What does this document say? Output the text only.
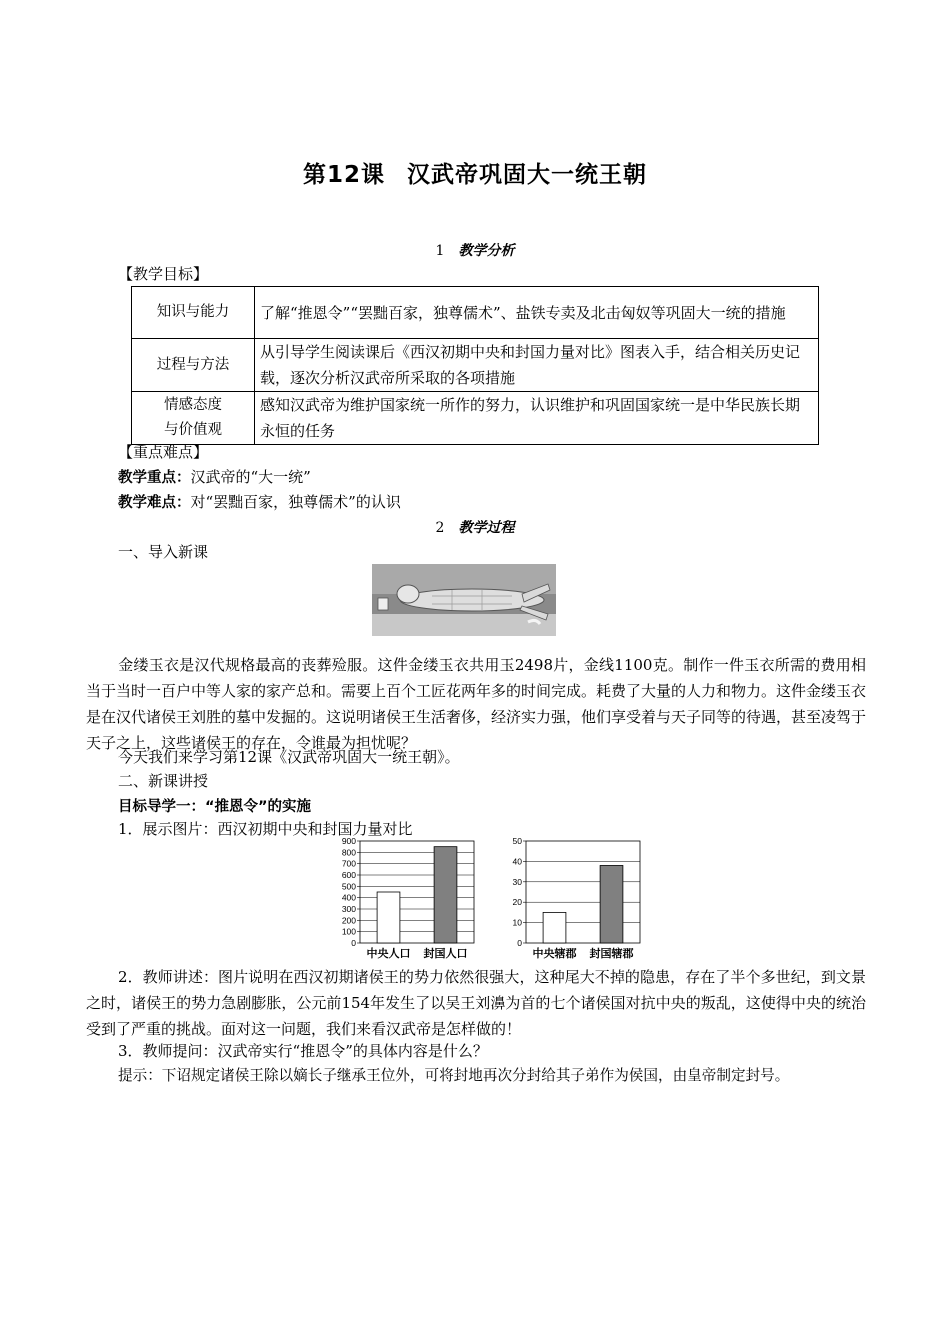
第12课 汉武帝巩固大一统王朝
1 教学分析
【教学目标】
知识与能力	了解“推恩令”“罢黜百家，独尊儒术”、盐铁专卖及北击匈奴等巩固大一统的措施
过程与方法	从引导学生阅读课后《西汉初期中央和封国力量对比》图表入手，结合相关历史记载，逐次分析汉武帝所采取的各项措施

情感态度
与价值观	感知汉武帝为维护国家统一所作的努力，认识维护和巩固国家统一是中华民族长期永恒的任务
【重点难点】
教学重点：汉武帝的“大一统”
教学难点：对“罢黜百家，独尊儒术”的认识
2 教学过程
一、导入新课
金缕玉衣是汉代规格最高的丧葬殓服。这件金缕玉衣共用玉2498片，金线1100克。制作一件玉衣所需的费用相当于当时一百户中等人家的家产总和。需要上百个工匠花两年多的时间完成。耗费了大量的人力和物力。这件金缕玉衣是在汉代诸侯王刘胜的墓中发掘的。这说明诸侯王生活奢侈，经济实力强，他们享受着与天子同等的待遇，甚至凌驾于天子之上，这些诸侯王的存在，令谁最为担忧呢？
今天我们来学习第12课《汉武帝巩固大一统王朝》。
二、新课讲授
目标导学一：“推恩令”的实施
1．展示图片：西汉初期中央和封国力量对比
0
100
200
300
400
500
600
700
800
900
中央人口 封国人口
0
10
20
30
40
50
中央辖郡 封国辖郡
2．教师讲述：图片说明在西汉初期诸侯王的势力依然很强大，这种尾大不掉的隐患，存在了半个多世纪，到文景之时，诸侯王的势力急剧膨胀，公元前154年发生了以吴王刘濞为首的七个诸侯国对抗中央的叛乱，这使得中央的统治受到了严重的挑战。面对这一问题，我们来看汉武帝是怎样做的！
3．教师提问：汉武帝实行“推恩令”的具体内容是什么？
提示：下诏规定诸侯王除以嫡长子继承王位外，可将封地再次分封给其子弟作为侯国，由皇帝制定封号。
